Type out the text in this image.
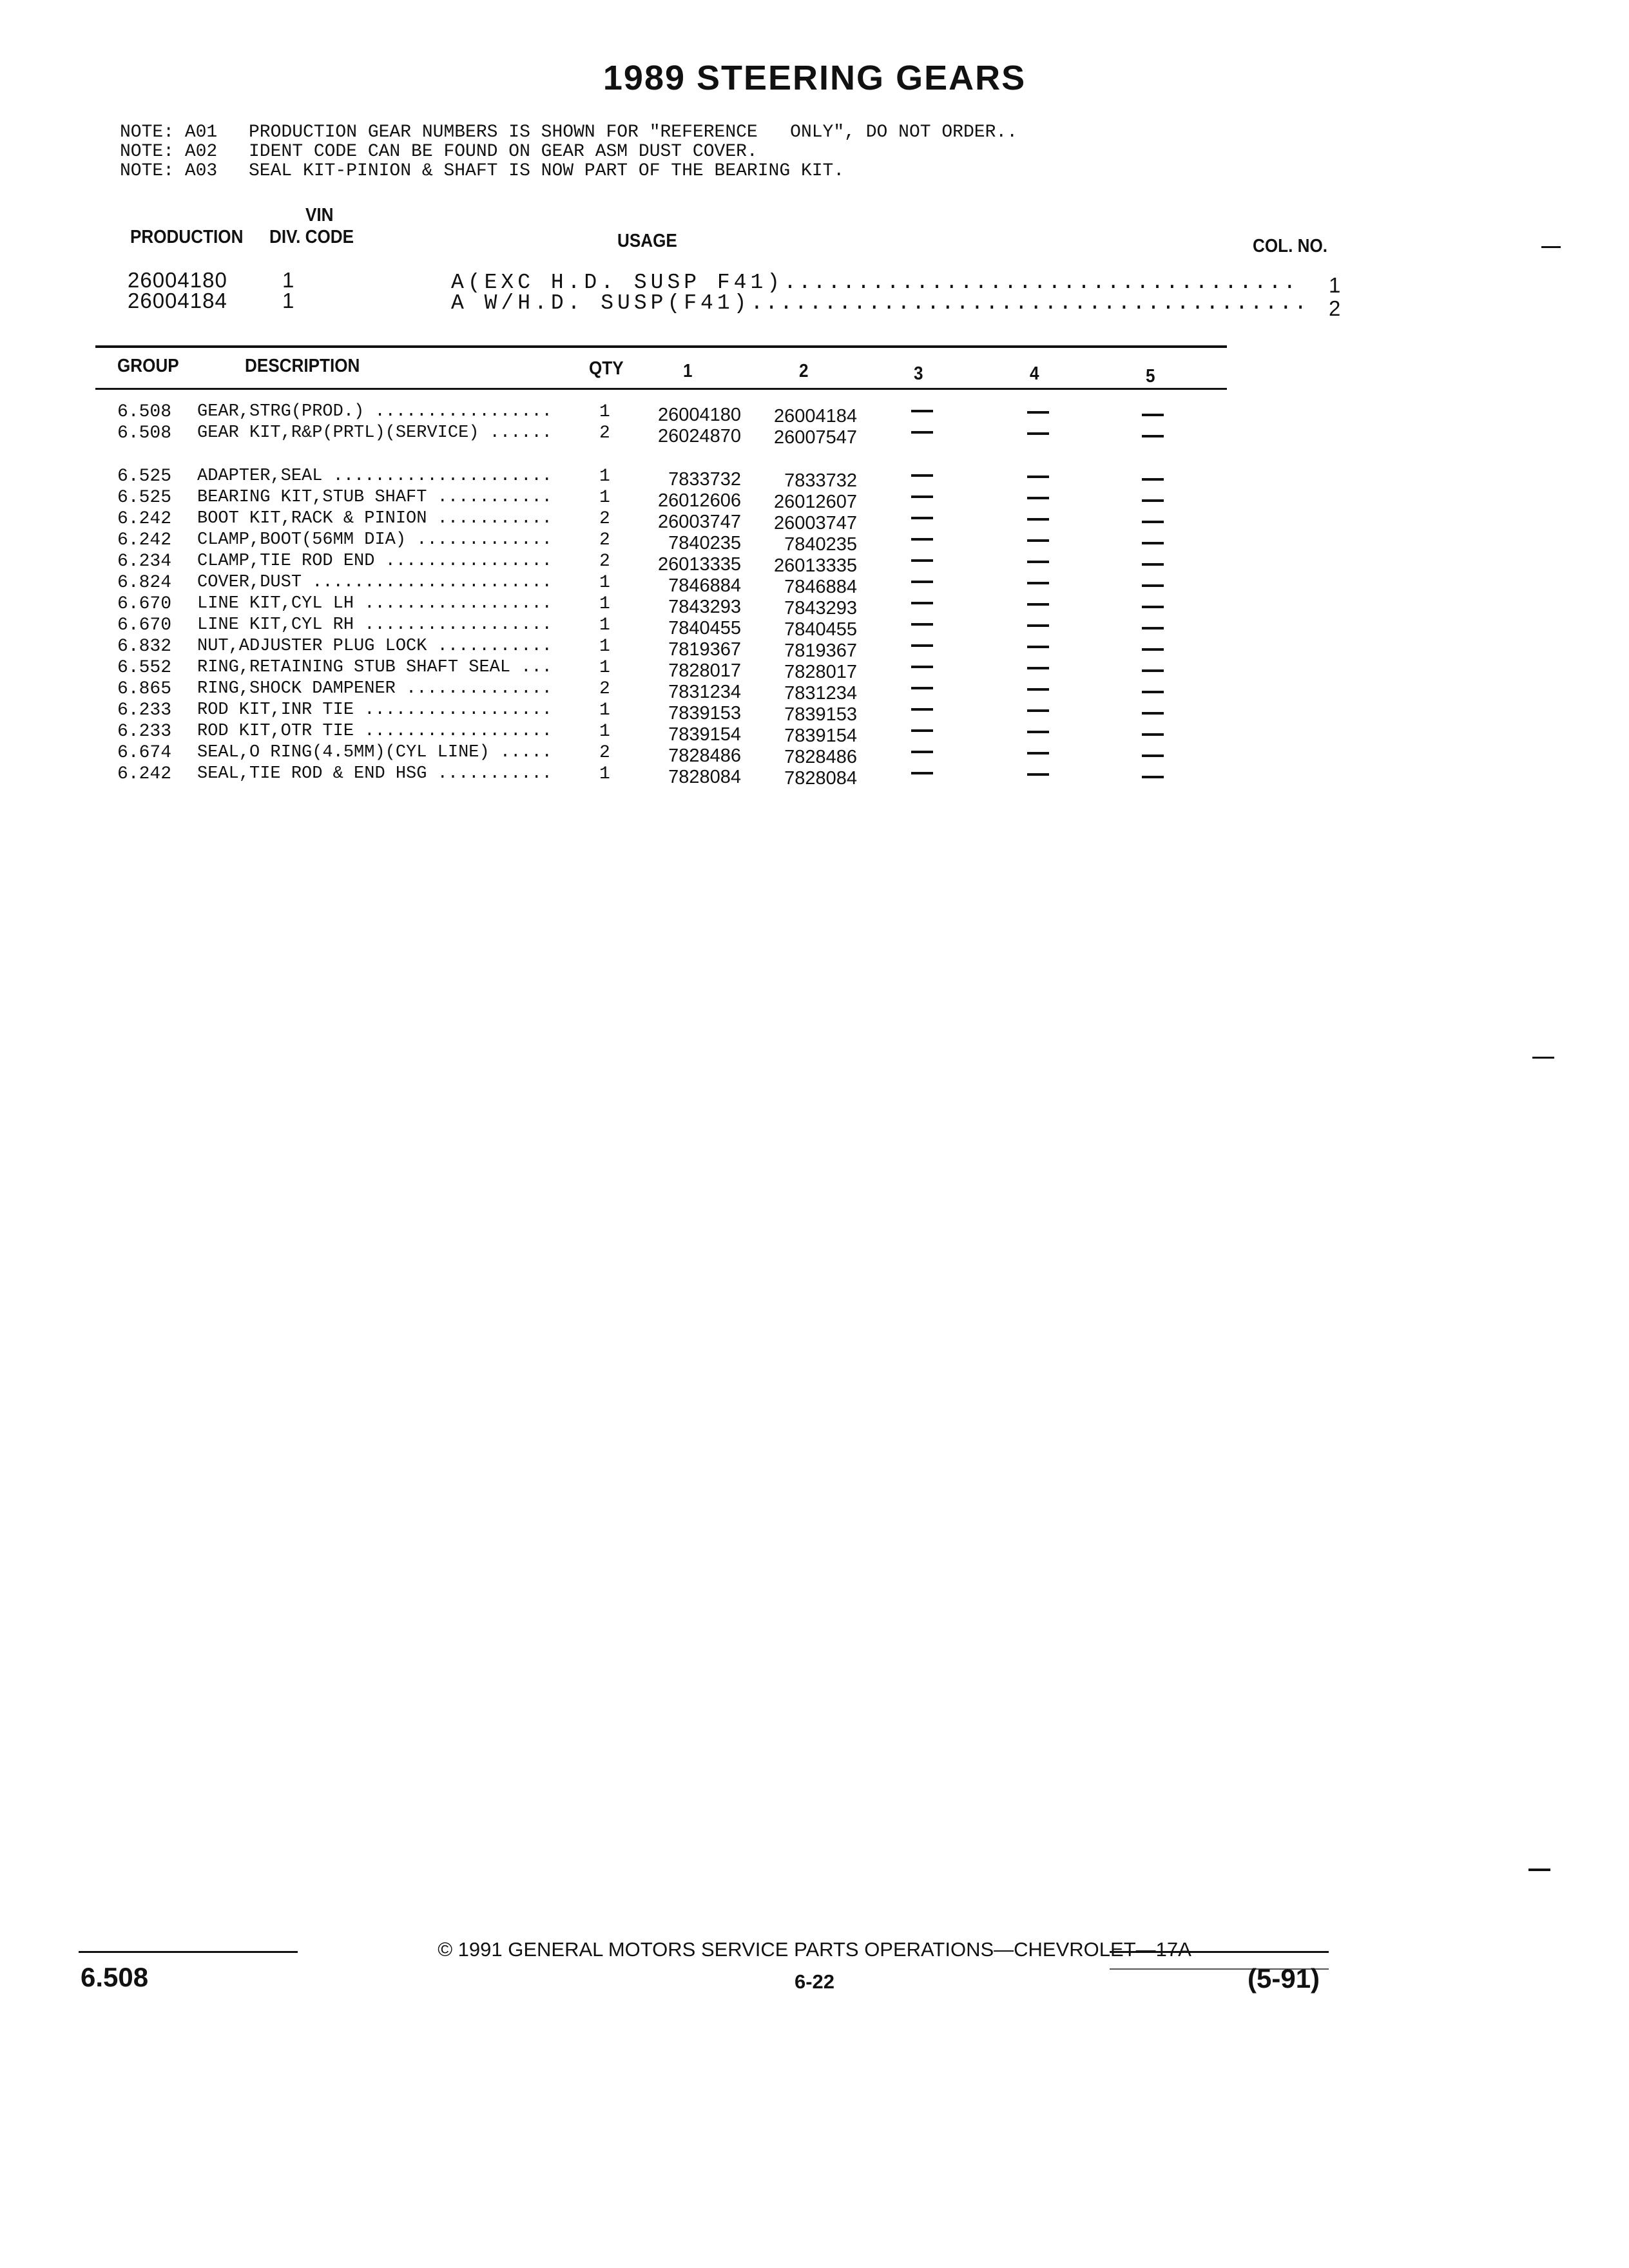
1989 STEERING GEARS
NOTE: A01 PRODUCTION GEAR NUMBERS IS SHOWN FOR "REFERENCE   ONLY", DO NOT ORDER..
NOTE: A02 IDENT CODE CAN BE FOUND ON GEAR ASM DUST COVER.
NOTE: A03 SEAL KIT-PINION & SHAFT IS NOW PART OF THE BEARING KIT.
VIN
PRODUCTION DIV. CODE	USAGE	COL. NO.
26004180	1	A(EXC H.D. SUSP F41)................................... 1
26004184	1	A W/H.D. SUSP(F41)...................................... 2
GROUP	DESCRIPTION	QTY	1	2	3	4	5
6.508 GEAR,STRG(PROD.) .................	1	26004180	26004184
6.508 GEAR KIT,R&P(PRTL)(SERVICE) ......	2	26024870	26007547
6.525 ADAPTER,SEAL .....................	1	7833732	7833732
6.525 BEARING KIT,STUB SHAFT ...........	1	26012606	26012607
6.242 BOOT KIT,RACK & PINION ...........	2	26003747	26003747
6.242 CLAMP,BOOT(56MM DIA) .............	2	7840235	7840235
6.234 CLAMP,TIE ROD END ................	2	26013335	26013335
6.824 COVER,DUST .......................	1	7846884	7846884
6.670 LINE KIT,CYL LH ..................	1	7843293	7843293
6.670 LINE KIT,CYL RH ..................	1	7840455	7840455
6.832 NUT,ADJUSTER PLUG LOCK ...........	1	7819367	7819367
6.552 RING,RETAINING STUB SHAFT SEAL ...	1	7828017	7828017
6.865 RING,SHOCK DAMPENER ..............	2	7831234	7831234
6.233 ROD KIT,INR TIE ..................	1	7839153	7839153
6.233 ROD KIT,OTR TIE ..................	1	7839154	7839154
6.674 SEAL,O RING(4.5MM)(CYL LINE) .....	2	7828486	7828486
6.242 SEAL,TIE ROD & END HSG ...........	1	7828084	7828084
© 1991 GENERAL MOTORS SERVICE PARTS OPERATIONS—CHEVROLET—17A
6.508	6-22	(5-91)
